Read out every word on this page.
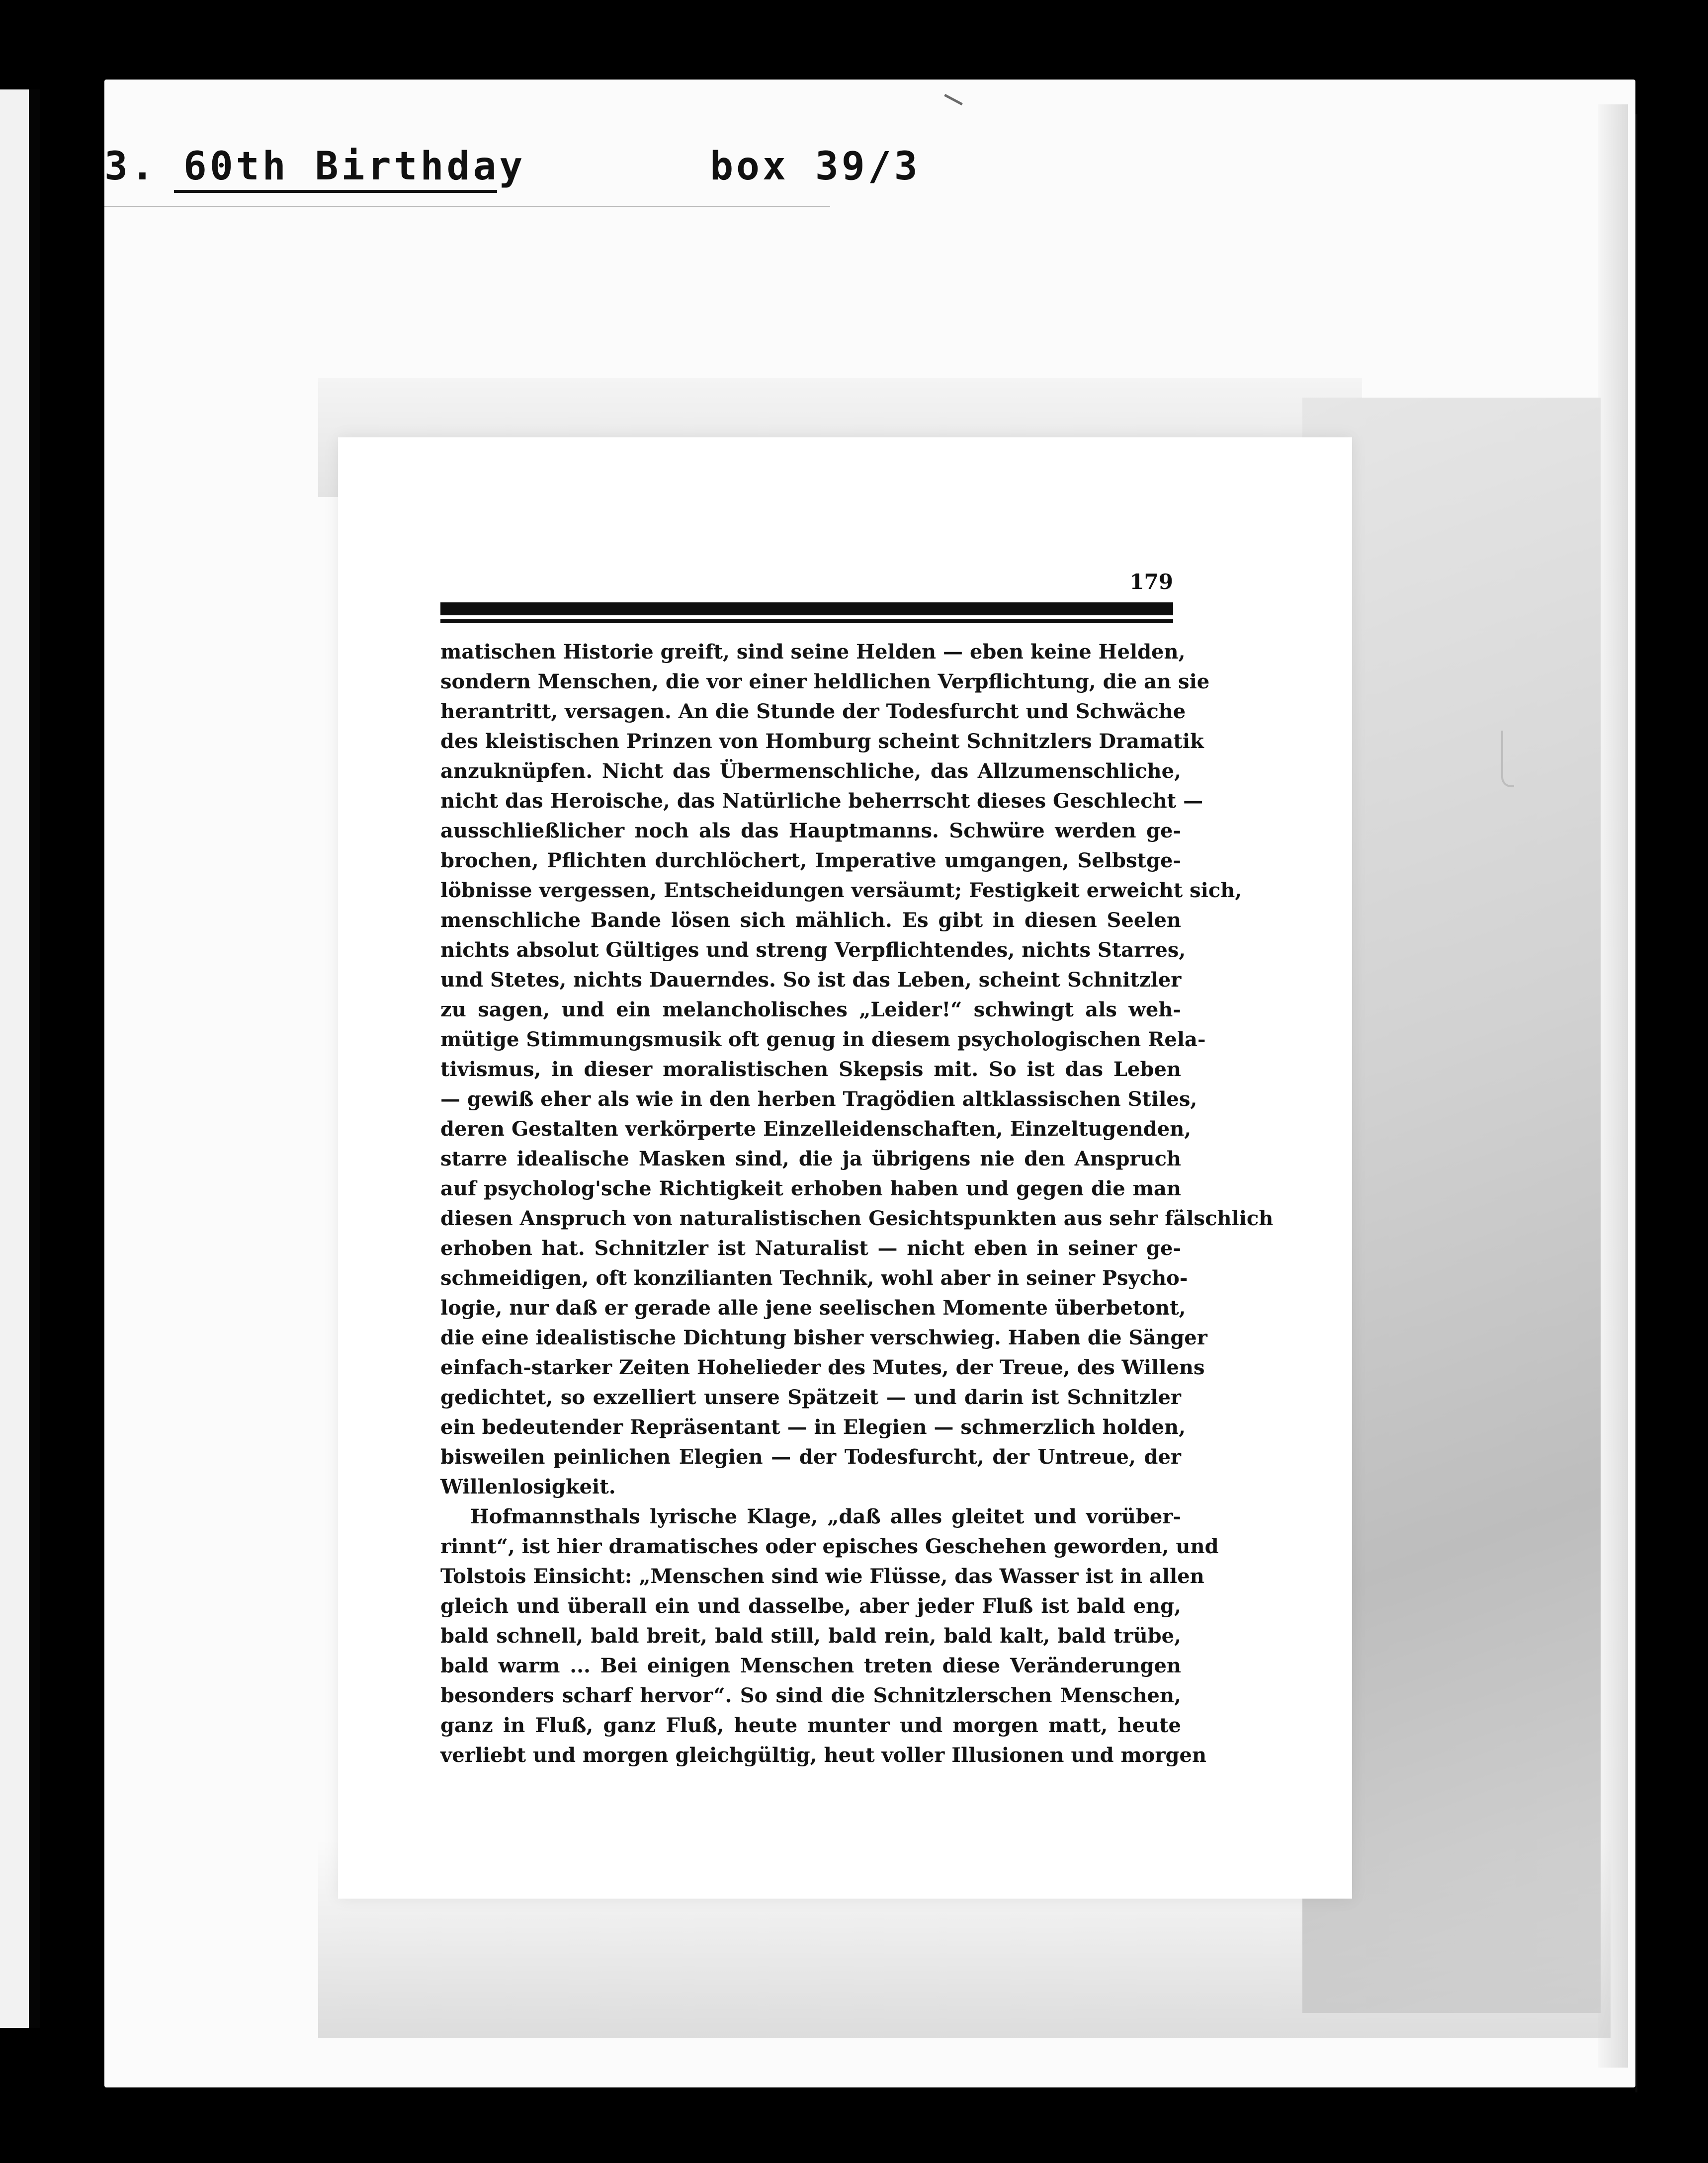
3. 60th Birthday       box 39/3
179
matischen Historie greift, sind seine Helden — eben keine Helden,
sondern Menschen, die vor einer heldlichen Verpflichtung, die an sie
herantritt, versagen. An die Stunde der Todesfurcht und Schwäche
des kleistischen Prinzen von Homburg scheint Schnitzlers Dramatik
anzuknüpfen. Nicht das Übermenschliche, das Allzumenschliche,
nicht das Heroische, das Natürliche beherrscht dieses Geschlecht —
ausschließlicher noch als das Hauptmanns. Schwüre werden ge-
brochen, Pflichten durchlöchert, Imperative umgangen, Selbstge-
löbnisse vergessen, Entscheidungen versäumt; Festigkeit erweicht sich,
menschliche Bande lösen sich mählich. Es gibt in diesen Seelen
nichts absolut Gültiges und streng Verpflichtendes, nichts Starres,
und Stetes, nichts Dauerndes. So ist das Leben, scheint Schnitzler
zu sagen, und ein melancholisches „Leider!“ schwingt als weh-
mütige Stimmungsmusik oft genug in diesem psychologischen Rela-
tivismus, in dieser moralistischen Skepsis mit. So ist das Leben
— gewiß eher als wie in den herben Tragödien altklassischen Stiles,
deren Gestalten verkörperte Einzelleidenschaften, Einzeltugenden,
starre idealische Masken sind, die ja übrigens nie den Anspruch
auf psycholog'sche Richtigkeit erhoben haben und gegen die man
diesen Anspruch von naturalistischen Gesichtspunkten aus sehr fälschlich
erhoben hat. Schnitzler ist Naturalist — nicht eben in seiner ge-
schmeidigen, oft konzilianten Technik, wohl aber in seiner Psycho-
logie, nur daß er gerade alle jene seelischen Momente überbetont,
die eine idealistische Dichtung bisher verschwieg. Haben die Sänger
einfach-starker Zeiten Hohelieder des Mutes, der Treue, des Willens
gedichtet, so exzelliert unsere Spätzeit — und darin ist Schnitzler
ein bedeutender Repräsentant — in Elegien — schmerzlich holden,
bisweilen peinlichen Elegien — der Todesfurcht, der Untreue, der
Willenlosigkeit.
Hofmannsthals lyrische Klage, „daß alles gleitet und vorüber-
rinnt“, ist hier dramatisches oder episches Geschehen geworden, und
Tolstois Einsicht: „Menschen sind wie Flüsse, das Wasser ist in allen
gleich und überall ein und dasselbe, aber jeder Fluß ist bald eng,
bald schnell, bald breit, bald still, bald rein, bald kalt, bald trübe,
bald warm ... Bei einigen Menschen treten diese Veränderungen
besonders scharf hervor“. So sind die Schnitzlerschen Menschen,
ganz in Fluß, ganz Fluß, heute munter und morgen matt, heute
verliebt und morgen gleichgültig, heut voller Illusionen und morgen
